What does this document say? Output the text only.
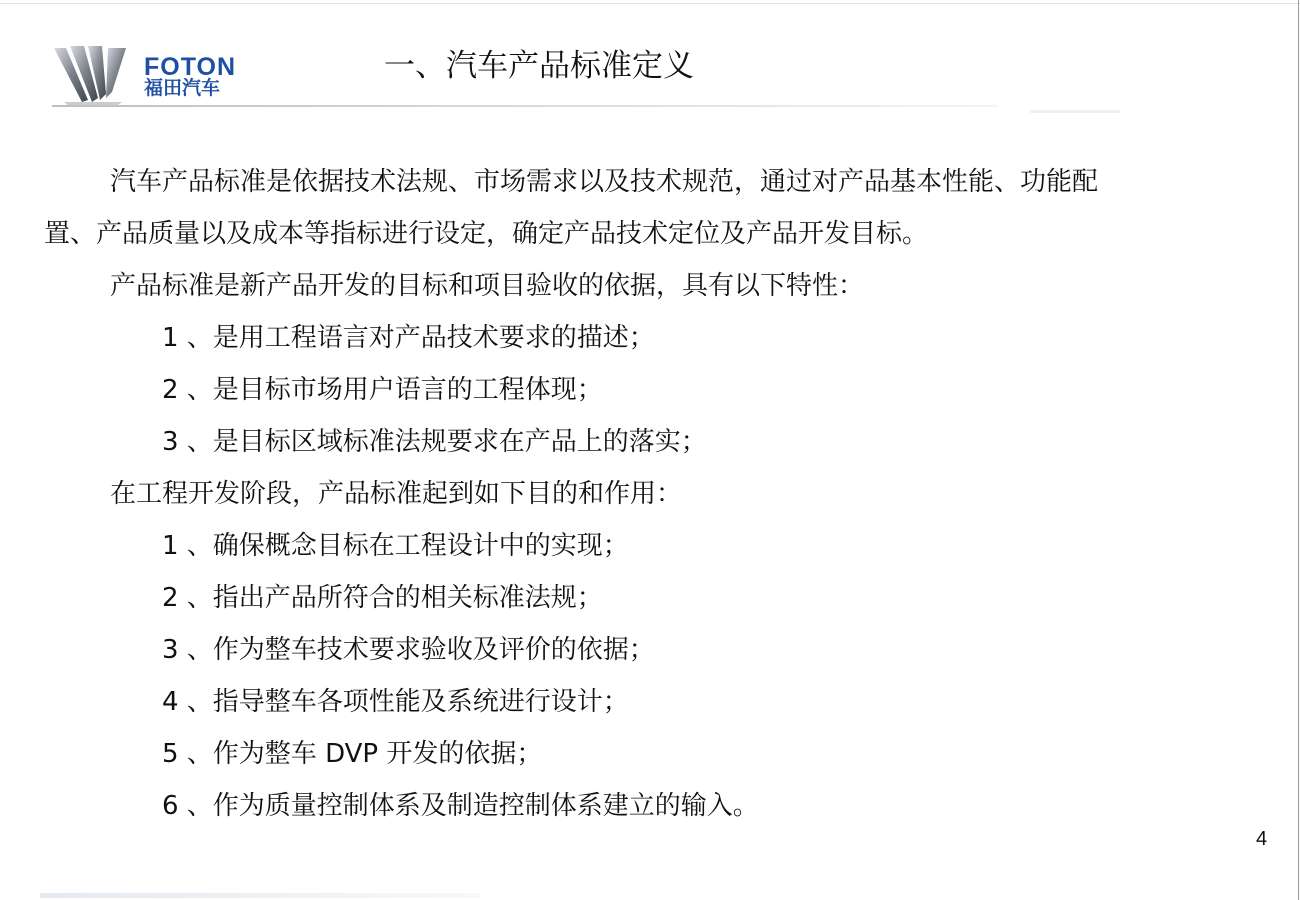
FOTON
福田汽车
一、汽车产品标准定义

汽车产品标准是依据技术法规、市场需求以及技术规范，通过对产品基本性能、功能配

置、产品质量以及成本等指标进行设定，确定产品技术定位及产品开发目标。

产品标准是新产品开发的目标和项目验收的依据，具有以下特性：

1 、是用工程语言对产品技术要求的描述；

2 、是目标市场用户语言的工程体现；

3 、是目标区域标准法规要求在产品上的落实；

在工程开发阶段，产品标准起到如下目的和作用：

1 、确保概念目标在工程设计中的实现；

2 、指出产品所符合的相关标准法规；

3 、作为整车技术要求验收及评价的依据；

4 、指导整车各项性能及系统进行设计；

5 、作为整车 DVP 开发的依据；

6 、作为质量控制体系及制造控制体系建立的输入。

4
